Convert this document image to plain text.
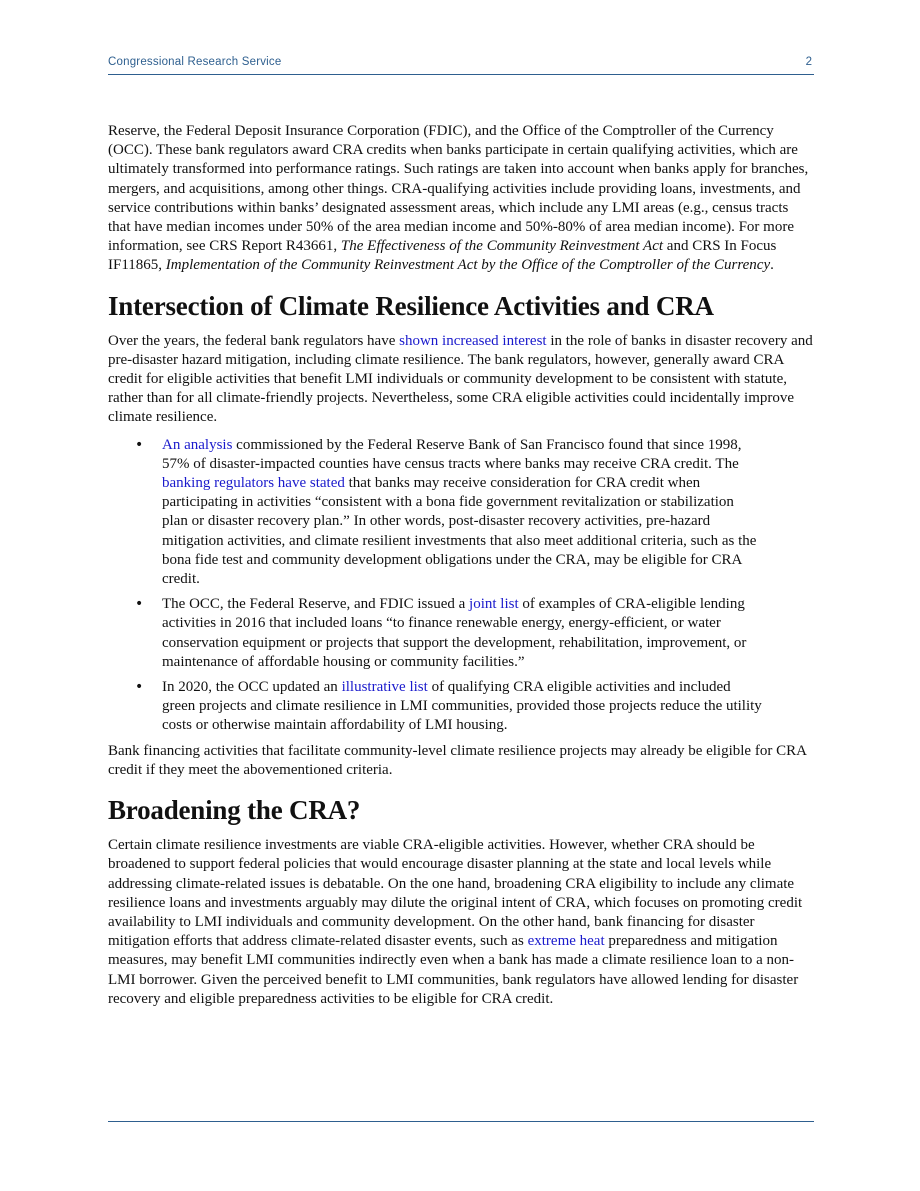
Congressional Research Service	2

Reserve, the Federal Deposit Insurance Corporation (FDIC), and the Office of the Comptroller of the Currency (OCC). These bank regulators award CRA credits when banks participate in certain qualifying activities, which are ultimately transformed into performance ratings. Such ratings are taken into account when banks apply for branches, mergers, and acquisitions, among other things. CRA-qualifying activities include providing loans, investments, and service contributions within banks’ designated assessment areas, which include any LMI areas (e.g., census tracts that have median incomes under 50% of the area median income and 50%-80% of area median income). For more information, see CRS Report R43661, The Effectiveness of the Community Reinvestment Act and CRS In Focus IF11865, Implementation of the Community Reinvestment Act by the Office of the Comptroller of the Currency.

Intersection of Climate Resilience Activities and CRA

Over the years, the federal bank regulators have shown increased interest in the role of banks in disaster recovery and pre-disaster hazard mitigation, including climate resilience. The bank regulators, however, generally award CRA credit for eligible activities that benefit LMI individuals or community development to be consistent with statute, rather than for all climate-friendly projects. Nevertheless, some CRA eligible activities could incidentally improve climate resilience.

• An analysis commissioned by the Federal Reserve Bank of San Francisco found that since 1998, 57% of disaster-impacted counties have census tracts where banks may receive CRA credit. The banking regulators have stated that banks may receive consideration for CRA credit when participating in activities “consistent with a bona fide government revitalization or stabilization plan or disaster recovery plan.” In other words, post-disaster recovery activities, pre-hazard mitigation activities, and climate resilient investments that also meet additional criteria, such as the bona fide test and community development obligations under the CRA, may be eligible for CRA credit.
• The OCC, the Federal Reserve, and FDIC issued a joint list of examples of CRA-eligible lending activities in 2016 that included loans “to finance renewable energy, energy-efficient, or water conservation equipment or projects that support the development, rehabilitation, improvement, or maintenance of affordable housing or community facilities.”
• In 2020, the OCC updated an illustrative list of qualifying CRA eligible activities and included green projects and climate resilience in LMI communities, provided those projects reduce the utility costs or otherwise maintain affordability of LMI housing.

Bank financing activities that facilitate community-level climate resilience projects may already be eligible for CRA credit if they meet the abovementioned criteria.

Broadening the CRA?

Certain climate resilience investments are viable CRA-eligible activities. However, whether CRA should be broadened to support federal policies that would encourage disaster planning at the state and local levels while addressing climate-related issues is debatable. On the one hand, broadening CRA eligibility to include any climate resilience loans and investments arguably may dilute the original intent of CRA, which focuses on promoting credit availability to LMI individuals and community development. On the other hand, bank financing for disaster mitigation efforts that address climate-related disaster events, such as extreme heat preparedness and mitigation measures, may benefit LMI communities indirectly even when a bank has made a climate resilience loan to a non-LMI borrower. Given the perceived benefit to LMI communities, bank regulators have allowed lending for disaster recovery and eligible preparedness activities to be eligible for CRA credit.
